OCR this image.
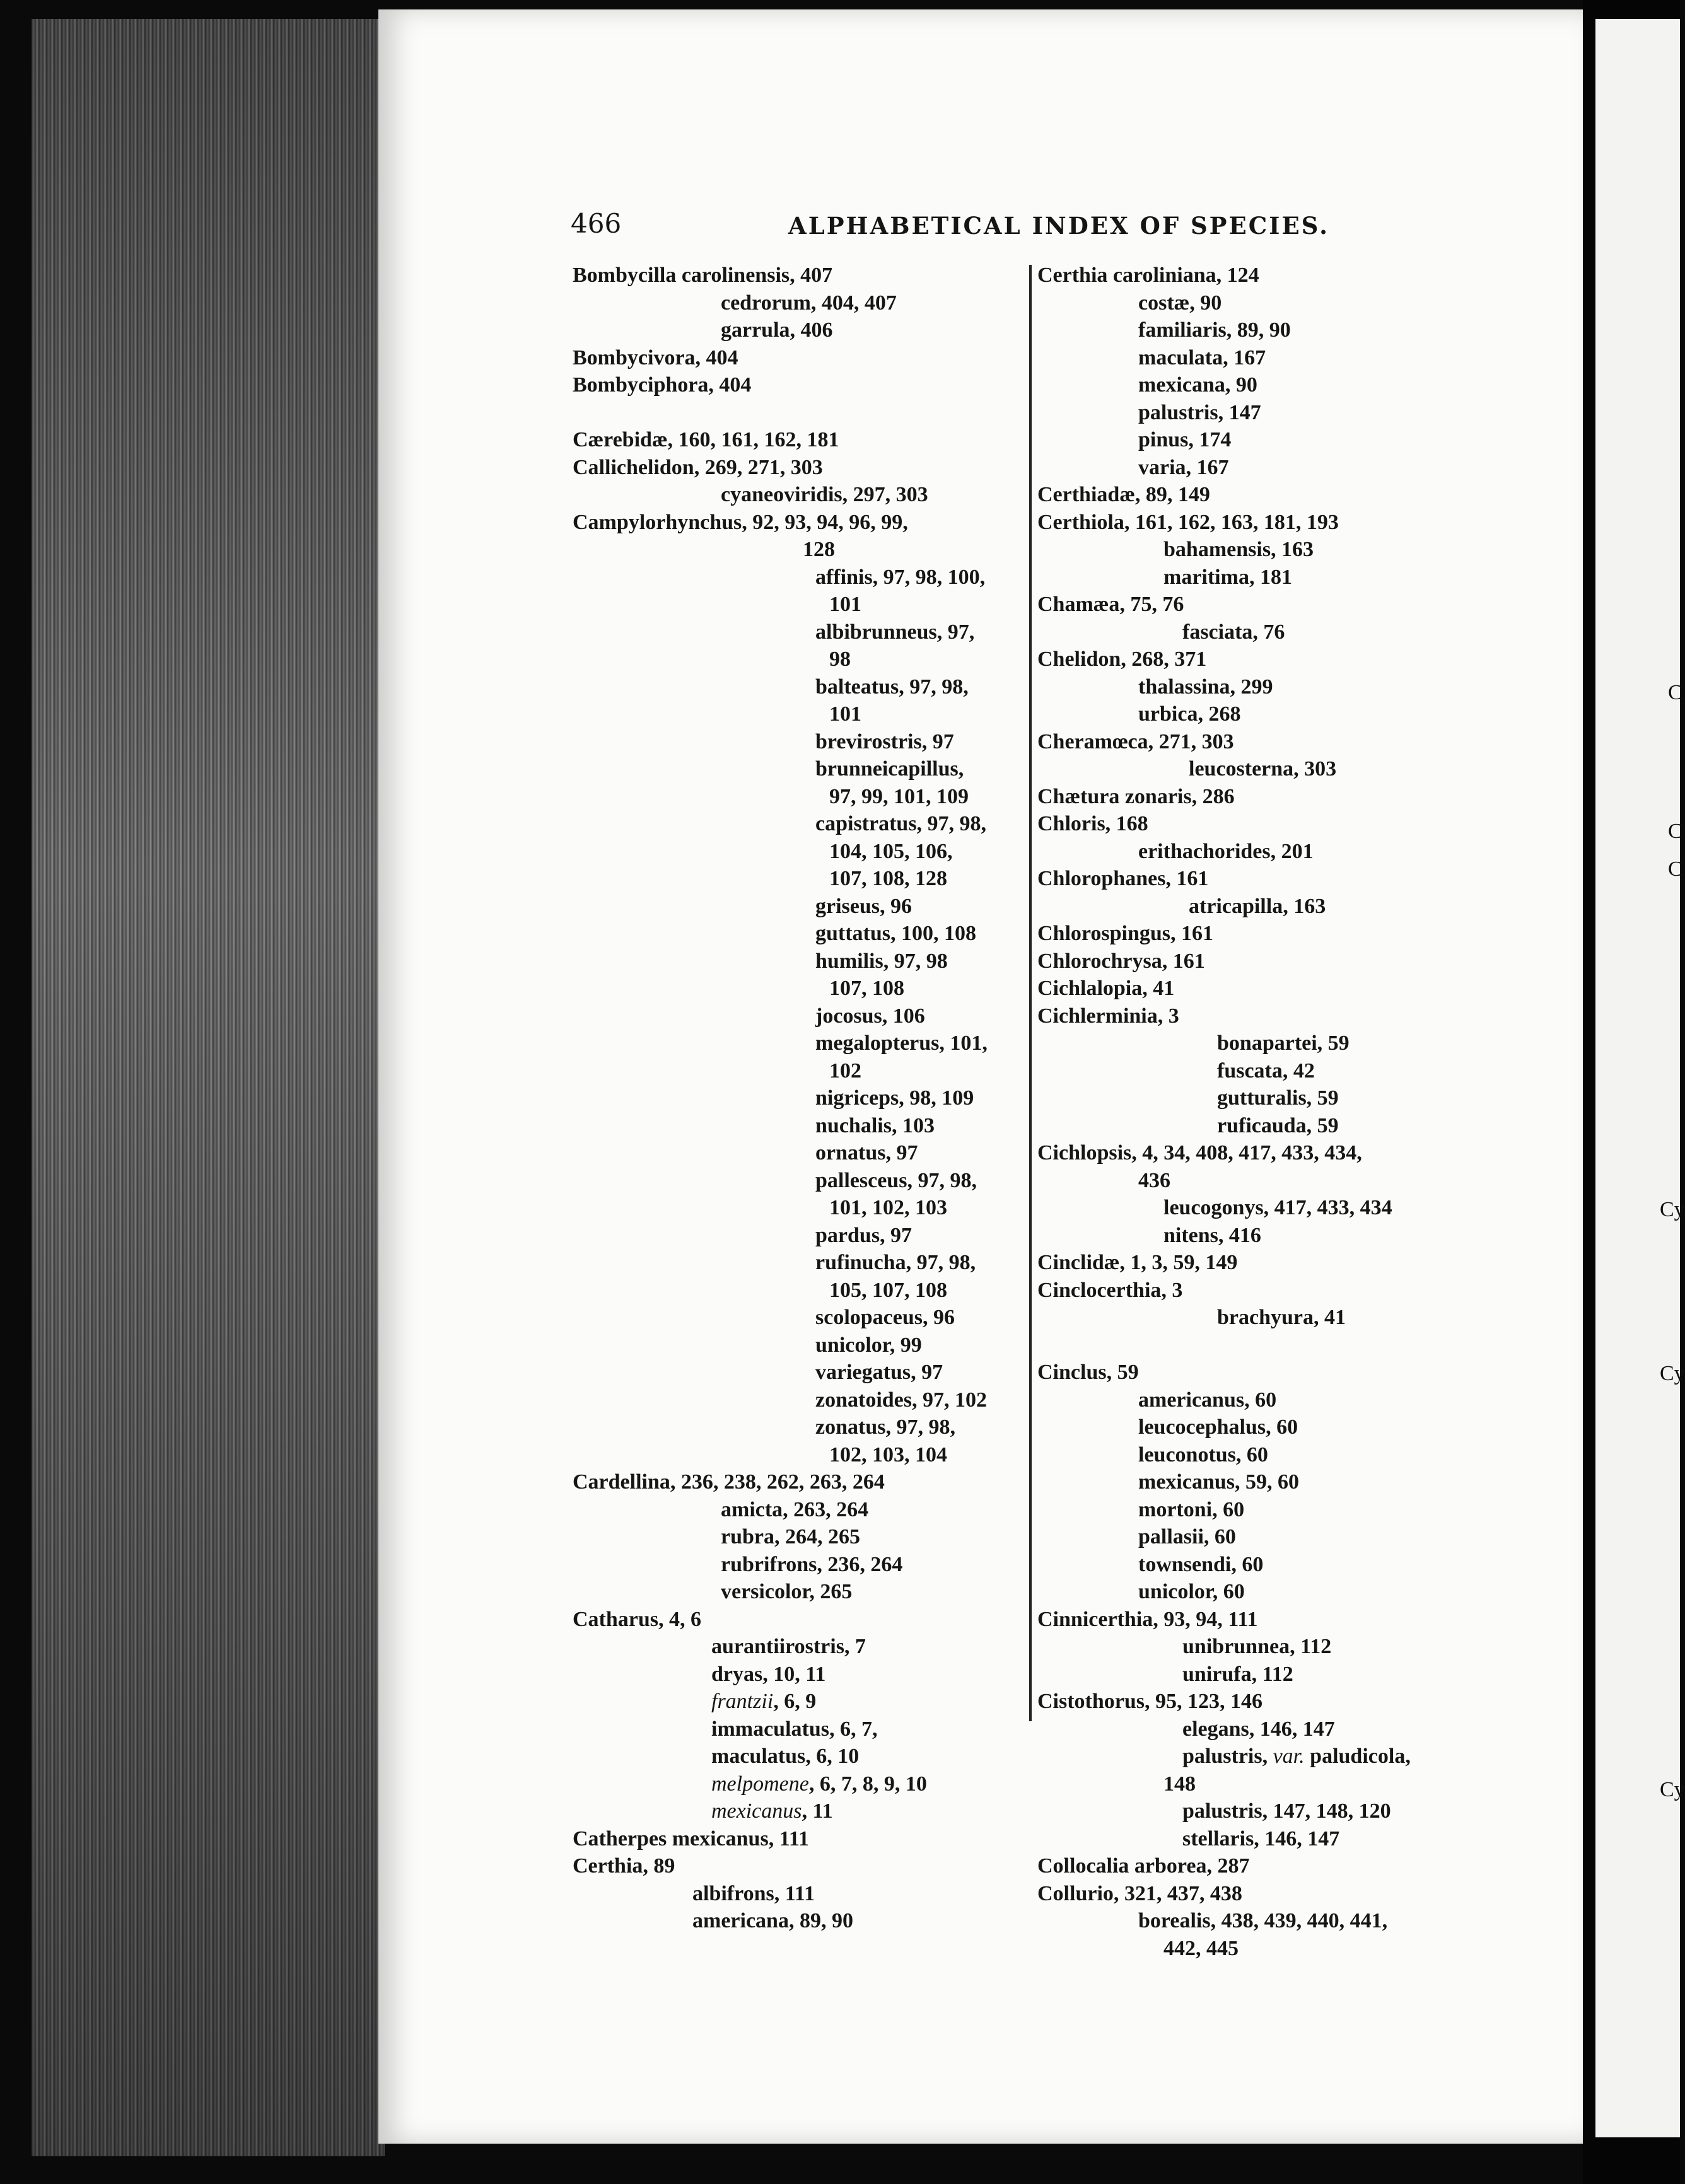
466	ALPHABETICAL INDEX OF SPECIES.
Bombycilla carolinensis, 407
cedrorum, 404, 407
garrula, 406
Bombycivora, 404
Bombyciphora, 404
Cærebidæ, 160, 161, 162, 181
Callichelidon, 269, 271, 303
cyaneoviridis, 297, 303
Campylorhynchus, 92, 93, 94, 96, 99,
128
affinis, 97, 98, 100,
101
albibrunneus, 97,
98
balteatus, 97, 98,
101
brevirostris, 97
brunneicapillus,
97, 99, 101, 109
capistratus, 97, 98,
104, 105, 106,
107, 108, 128
griseus, 96
guttatus, 100, 108
humilis, 97, 98
107, 108
jocosus, 106
megalopterus, 101,
102
nigriceps, 98, 109
nuchalis, 103
ornatus, 97
pallesceus, 97, 98,
101, 102, 103
pardus, 97
rufinucha, 97, 98,
105, 107, 108
scolopaceus, 96
unicolor, 99
variegatus, 97
zonatoides, 97, 102
zonatus, 97, 98,
102, 103, 104
Cardellina, 236, 238, 262, 263, 264
amicta, 263, 264
rubra, 264, 265
rubrifrons, 236, 264
versicolor, 265
Catharus, 4, 6
aurantiirostris, 7
dryas, 10, 11
frantzii, 6, 9
immaculatus, 6, 7,
maculatus, 6, 10
melpomene, 6, 7, 8, 9, 10
mexicanus, 11
Catherpes mexicanus, 111
Certhia, 89
albifrons, 111
americana, 89, 90
Certhia caroliniana, 124
costæ, 90
familiaris, 89, 90
maculata, 167
mexicana, 90
palustris, 147
pinus, 174
varia, 167
Certhiadæ, 89, 149
Certhiola, 161, 162, 163, 181, 193
bahamensis, 163
maritima, 181
Chamæa, 75, 76
fasciata, 76
Chelidon, 268, 371
thalassina, 299
urbica, 268
Cheramœca, 271, 303
leucosterna, 303
Chætura zonaris, 286
Chloris, 168
erithachorides, 201
Chlorophanes, 161
atricapilla, 163
Chlorospingus, 161
Chlorochrysa, 161
Cichlalopia, 41
Cichlerminia, 3
bonapartei, 59
fuscata, 42
gutturalis, 59
ruficauda, 59
Cichlopsis, 4, 34, 408, 417, 433, 434,
436
leucogonys, 417, 433, 434
nitens, 416
Cinclidæ, 1, 3, 59, 149
Cinclocerthia, 3
brachyura, 41
Cinclus, 59
americanus, 60
leucocephalus, 60
leuconotus, 60
mexicanus, 59, 60
mortoni, 60
pallasii, 60
townsendi, 60
unicolor, 60
Cinnicerthia, 93, 94, 111
unibrunnea, 112
unirufa, 112
Cistothorus, 95, 123, 146
elegans, 146, 147
palustris, var. paludicola,
148
palustris, 147, 148, 120
stellaris, 146, 147
Collocalia arborea, 287
Collurio, 321, 437, 438
borealis, 438, 439, 440, 441,
442, 445
C
C
C
Cy
Cy
Cy
